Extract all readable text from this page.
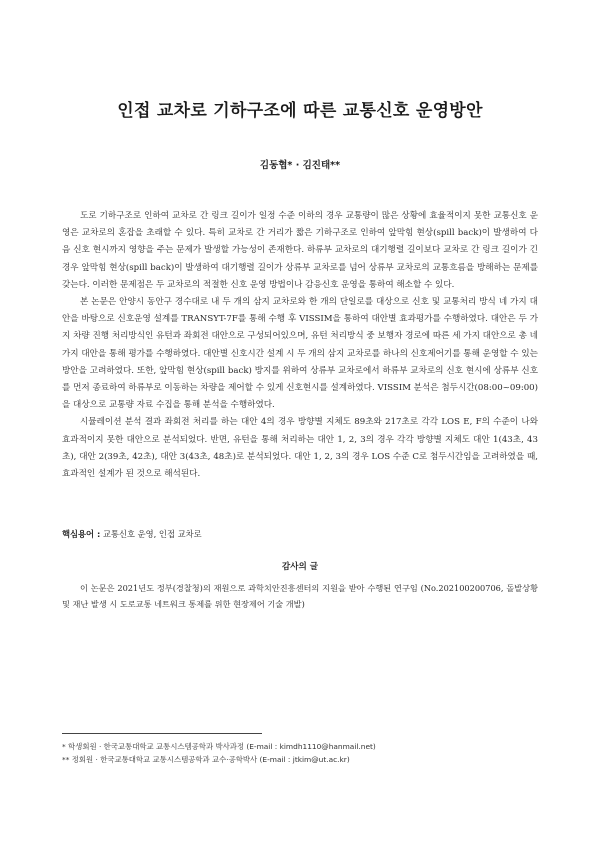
인접 교차로 기하구조에 따른 교통신호 운영방안
김동협* · 김진태**

도로 기하구조로 인하여 교차로 간 링크 길이가 일정 수준 이하의 경우 교통량이 많은 상황에 효율적이지 못한 교통신호 운영은 교차로의 혼잡을 초래할 수 있다. 특히 교차로 간 거리가 짧은 기하구조로 인하여 앞막힘 현상(spill back)이 발생하여 다음 신호 현시까지 영향을 주는 문제가 발생할 가능성이 존재한다. 하류부 교차로의 대기행렬 길이보다 교차로 간 링크 길이가 긴 경우 앞막힘 현상(spill back)이 발생하여 대기행렬 길이가 상류부 교차로를 넘어 상류부 교차로의 교통흐름을 방해하는 문제를 갖는다. 이러한 문제점은 두 교차로의 적절한 신호 운영 방법이나 감응신호 운영을 통하여 해소할 수 있다.

본 논문은 안양시 동안구 경수대로 내 두 개의 삼지 교차로와 한 개의 단일로를 대상으로 신호 및 교통처리 방식 네 가지 대안을 바탕으로 신호운영 설계를 TRANSYT-7F를 통해 수행 후 VISSIM을 통하여 대안별 효과평가를 수행하였다. 대안은 두 가지 차량 진행 처리방식인 유턴과 좌회전 대안으로 구성되어있으며, 유턴 처리방식 중 보행자 경로에 따른 세 가지 대안으로 총 네 가지 대안을 통해 평가를 수행하였다. 대안별 신호시간 설계 시 두 개의 삼지 교차로를 하나의 신호제어기를 통해 운영할 수 있는 방안을 고려하였다. 또한, 앞막힘 현상(spill back) 방지를 위하여 상류부 교차로에서 하류부 교차로의 신호 현시에 상류부 신호를 먼저 종료하여 하류부로 이동하는 차량을 제어할 수 있게 신호현시를 설계하였다. VISSIM 분석은 첨두시간(08:00~09:00)을 대상으로 교통량 자료 수집을 통해 분석을 수행하였다.

시뮬레이션 분석 결과 좌회전 처리를 하는 대안 4의 경우 방향별 지체도 89초와 217초로 각각 LOS E, F의 수준이 나와 효과적이지 못한 대안으로 분석되었다. 반면, 유턴을 통해 처리하는 대안 1, 2, 3의 경우 각각 방향별 지체도 대안 1(43초, 43초), 대안 2(39초, 42초), 대안 3(43초, 48초)로 분석되었다. 대안 1, 2, 3의 경우 LOS 수준 C로 첨두시간임을 고려하였을 때, 효과적인 설계가 된 것으로 해석된다.

핵심용어 : 교통신호 운영, 인접 교차로
감사의 글

이 논문은 2021년도 정부(경찰청)의 재원으로 과학치안진흥센터의 지원을 받아 수행된 연구임 (No.202100200706, 돌발상황 및 재난 발생 시 도로교통 네트워크 통제를 위한 현장제어 기술 개발)

* 학생회원 · 한국교통대학교 교통시스템공학과 박사과정 (E-mail : kimdh1110@hanmail.net)
** 정회원 · 한국교통대학교 교통시스템공학과 교수·공학박사 (E-mail : jtkim@ut.ac.kr)
